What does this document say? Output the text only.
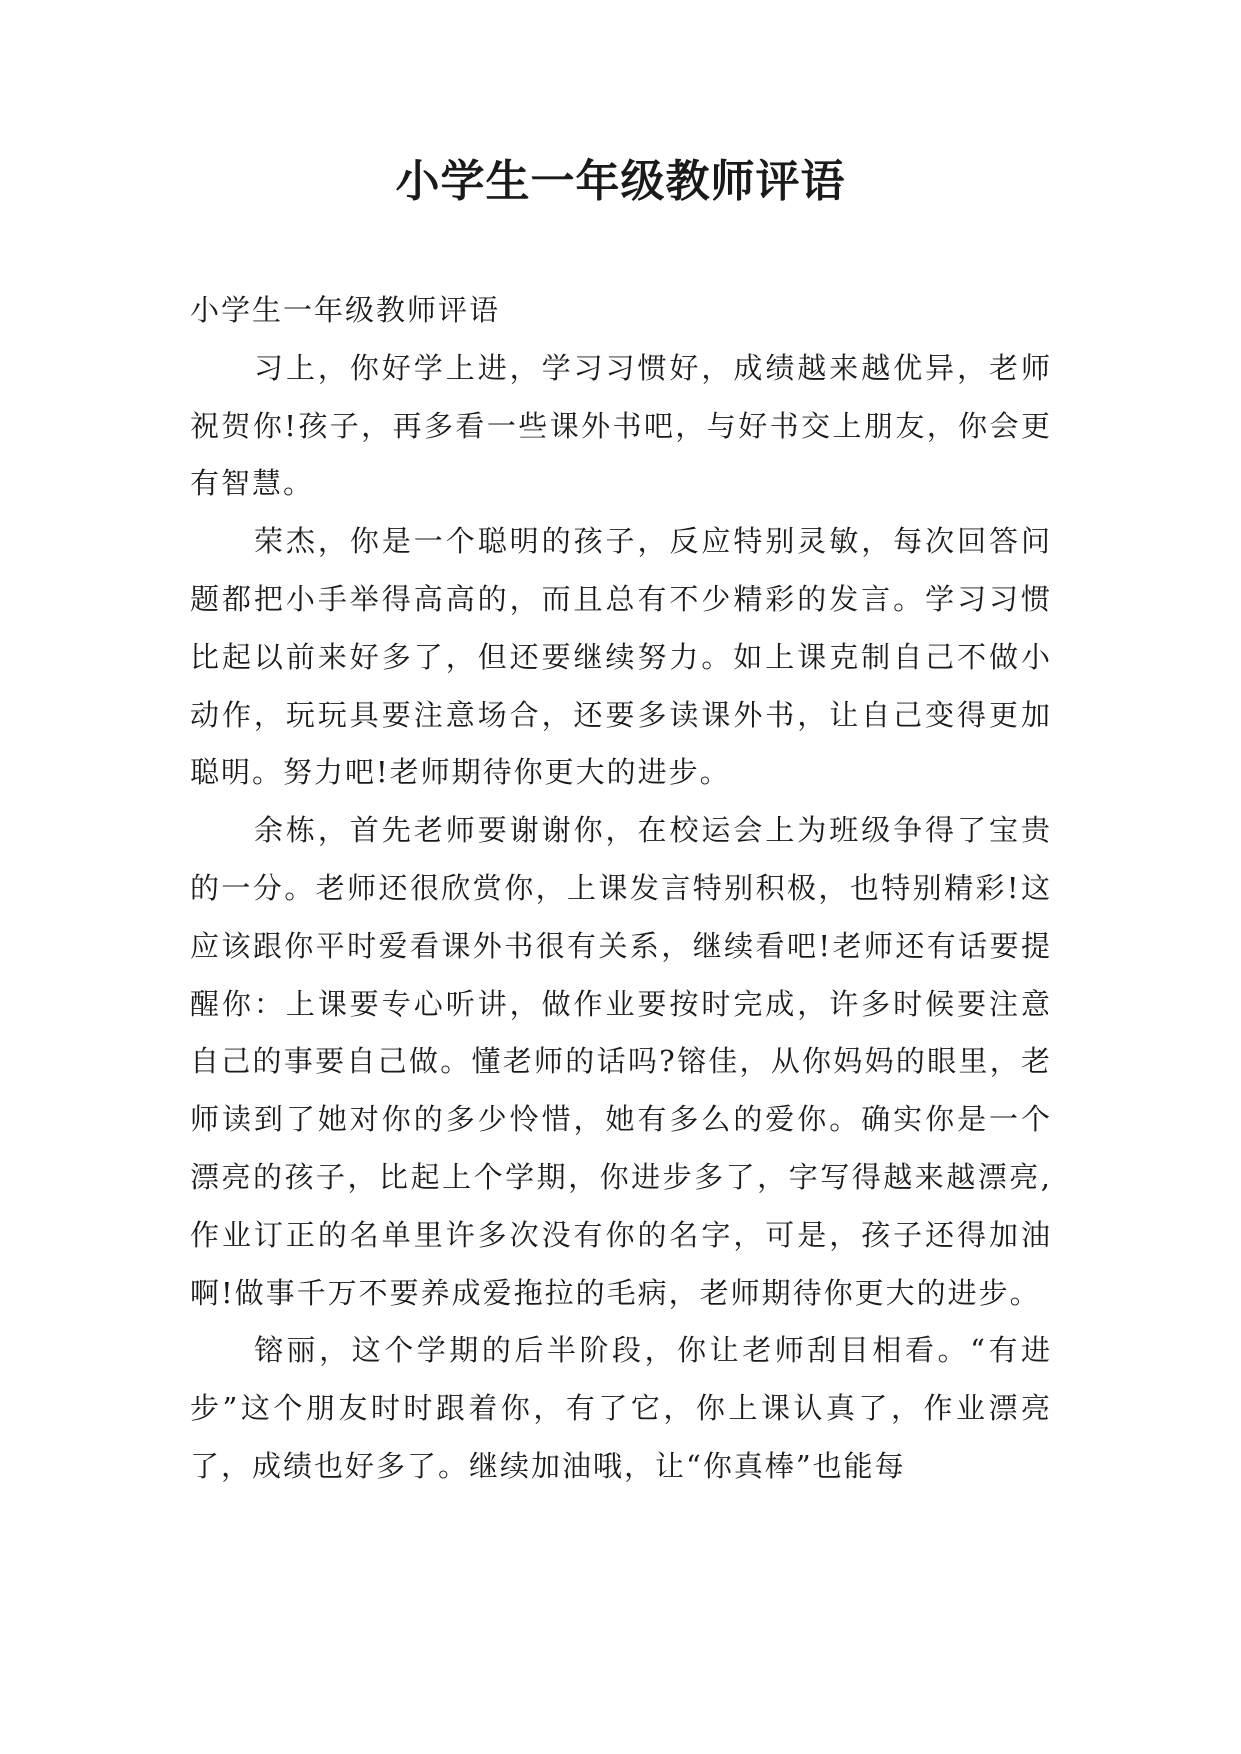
小学生一年级教师评语

小学生一年级教师评语

习上，你好学上进，学习习惯好，成绩越来越优异，老师祝贺你!孩子，再多看一些课外书吧，与好书交上朋友，你会更有智慧。

荣杰，你是一个聪明的孩子，反应特别灵敏，每次回答问题都把小手举得高高的，而且总有不少精彩的发言。学习习惯比起以前来好多了，但还要继续努力。如上课克制自己不做小动作，玩玩具要注意场合，还要多读课外书，让自己变得更加聪明。努力吧!老师期待你更大的进步。

余栋，首先老师要谢谢你，在校运会上为班级争得了宝贵的一分。老师还很欣赏你，上课发言特别积极，也特别精彩!这应该跟你平时爱看课外书很有关系，继续看吧!老师还有话要提醒你：上课要专心听讲，做作业要按时完成，许多时候要注意自己的事要自己做。懂老师的话吗?镕佳，从你妈妈的眼里，老师读到了她对你的多少怜惜，她有多么的爱你。确实你是一个漂亮的孩子，比起上个学期，你进步多了，字写得越来越漂亮,作业订正的名单里许多次没有你的名字，可是，孩子还得加油啊!做事千万不要养成爱拖拉的毛病，老师期待你更大的进步。

镕丽，这个学期的后半阶段，你让老师刮目相看。“有进步”这个朋友时时跟着你，有了它，你上课认真了，作业漂亮了，成绩也好多了。继续加油哦，让“你真棒”也能每
